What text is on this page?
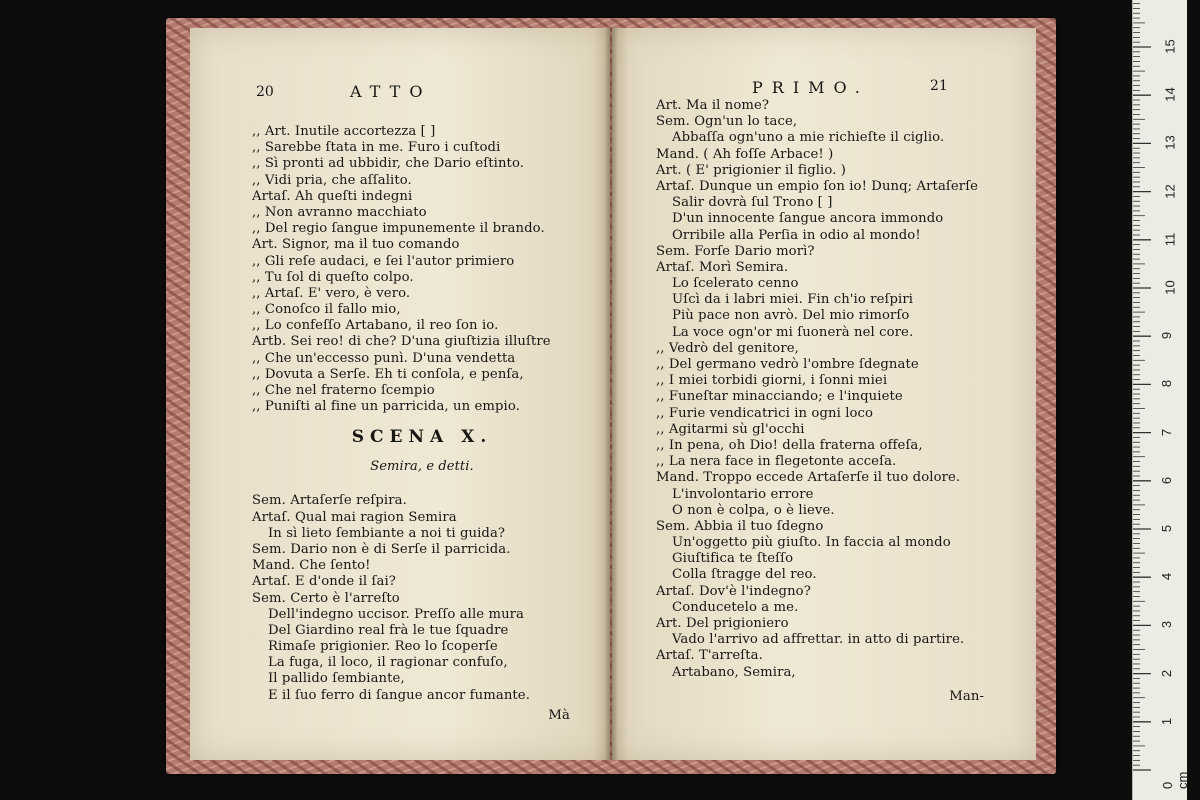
20	ATTO
,, Art. Inutile accortezza [ ]
,, Sarebbe ſtata in me. Furo i cuſtodi
,, Sì pronti ad ubbidir, che Dario eſtinto.
,, Vidi pria, che aſſalito.
Artaſ. Ah queſti indegni
,, Non avranno macchiato
,, Del regio ſangue impunemente il brando.
Art. Signor, ma il tuo comando
,, Gli reſe audaci, e ſei l'autor primiero
,, Tu ſol di queſto colpo.
,, Artaſ. E' vero, è vero.
,, Conoſco il fallo mio,
,, Lo confeſſo Artabano, il reo ſon io.
Artb. Sei reo! di che? D'una giuſtizia illuſtre
,, Che un'eccesso punì. D'una vendetta
,, Dovuta a Serſe. Eh ti conſola, e penſa,
,, Che nel fraterno ſcempio
,, Puniſti al fine un parricida, un empio.
SCENA X.
Semira, e detti.
Sem. Artaſerſe reſpira.
Artaſ. Qual mai ragion Semira
In sì lieto ſembiante a noi ti guida?
Sem. Dario non è di Serſe il parricida.
Mand. Che ſento!
Artaſ. E d'onde il ſai?
Sem. Certo è l'arreſto
Dell'indegno uccisor. Preſſo alle mura
Del Giardino real frà le tue ſquadre
Rimaſe prigionier. Reo lo ſcoperſe
La fuga, il loco, il ragionar confuſo,
Il pallido ſembiante,
E il ſuo ferro di ſangue ancor fumante.
Mà
PRIMO.	21
Art. Ma il nome?
Sem. Ogn'un lo tace,
Abbaſſa ogn'uno a mie richieſte il ciglio.
Mand. ( Ah foſſe Arbace! )
Art. ( E' prigionier il figlio. )
Artaſ. Dunque un empio ſon io! Dunq; Artaſerſe
Salir dovrà ſul Trono [ ]
D'un innocente ſangue ancora immondo
Orribile alla Perſia in odio al mondo!
Sem. Forſe Dario morì?
Artaſ. Morì Semira.
Lo ſcelerato cenno
Uſcì da i labri miei. Fin ch'io reſpiri
Più pace non avrò. Del mio rimorſo
La voce ogn'or mi ſuonerà nel core.
,, Vedrò del genitore,
,, Del germano vedrò l'ombre ſdegnate
,, I miei torbidi giorni, i ſonni miei
,, Funeſtar minacciando; e l'inquiete
,, Furie vendicatrici in ogni loco
,, Agitarmi sù gl'occhi
,, In pena, oh Dio! della fraterna offeſa,
,, La nera face in flegetonte acceſa.
Mand. Troppo eccede Artaſerſe il tuo dolore.
L'involontario errore
O non è colpa, o è lieve.
Sem. Abbia il tuo ſdegno
Un'oggetto più giuſto. In faccia al mondo
Giuſtifica te ſteſſo
Colla ſtragge del reo.
Artaſ. Dov'è l'indegno?
Conducetelo a me.
Art. Del prigioniero
Vado l'arrivo ad affrettar. in atto di partire.
Artaſ. T'arreſta.
Artabano, Semira,
Man-
0 cm
1
2
3
4
5
6
7
8
9
10
11
12
13
14
15
